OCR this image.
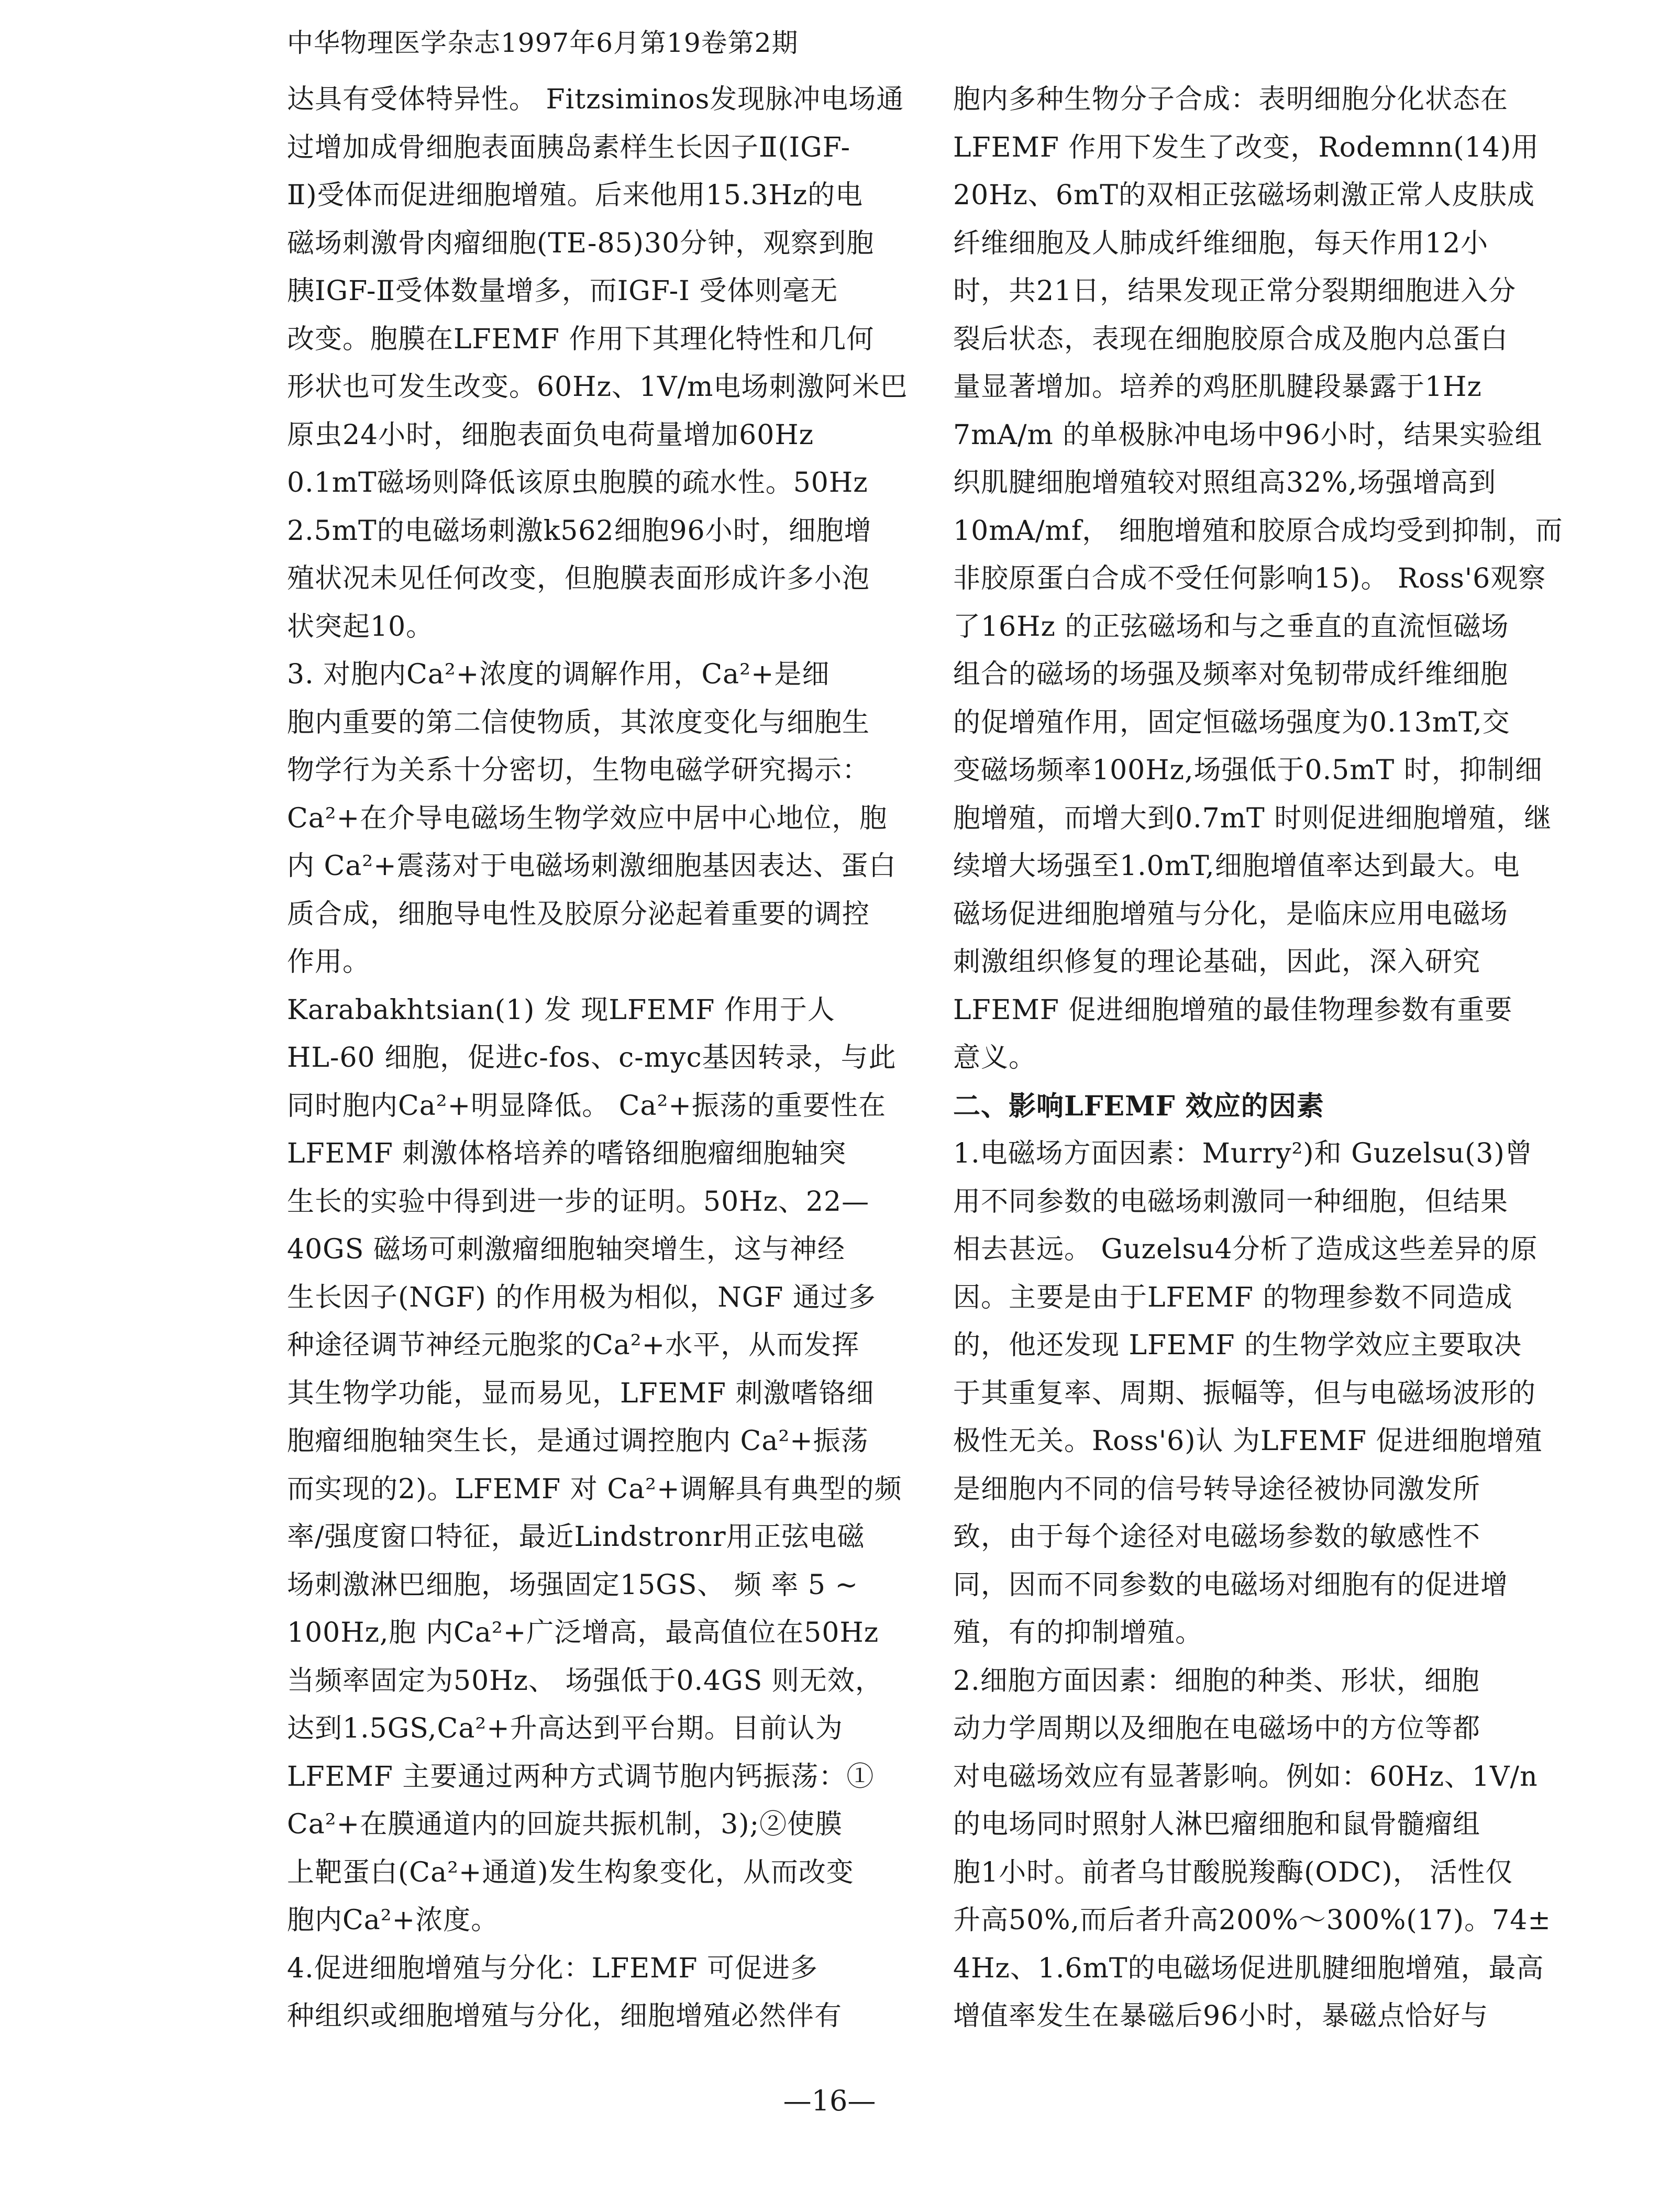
中华物理医学杂志1997年6月第19卷第2期
达具有受体特异性。 Fitzsiminos发现脉冲电场通
过增加成骨细胞表面胰岛素样生长因子Ⅱ(IGF-
Ⅱ)受体而促进细胞增殖。后来他用15.3Hz的电
磁场刺激骨肉瘤细胞(TE-85)30分钟，观察到胞
胰IGF-Ⅱ受体数量增多，而IGF-I 受体则毫无
改变。胞膜在LFEMF 作用下其理化特性和几何
形状也可发生改变。60Hz、1V/m电场刺激阿米巴
原虫24小时，细胞表面负电荷量增加60Hz
0.1mT磁场则降低该原虫胞膜的疏水性。50Hz
2.5mT的电磁场刺激k562细胞96小时，细胞增
殖状况未见任何改变，但胞膜表面形成许多小泡
状突起10。
3. 对胞内Ca²+浓度的调解作用，Ca²+是细
胞内重要的第二信使物质，其浓度变化与细胞生
物学行为关系十分密切，生物电磁学研究揭示：
Ca²+在介导电磁场生物学效应中居中心地位，胞
内 Ca²+震荡对于电磁场刺激细胞基因表达、蛋白
质合成，细胞导电性及胶原分泌起着重要的调控
作用。
Karabakhtsian(1) 发 现LFEMF 作用于人
HL-60 细胞，促进c-fos、c-myc基因转录，与此
同时胞内Ca²+明显降低。 Ca²+振荡的重要性在
LFEMF 刺激体格培养的嗜铬细胞瘤细胞轴突
生长的实验中得到进一步的证明。50Hz、22—
40GS 磁场可刺激瘤细胞轴突增生，这与神经
生长因子(NGF) 的作用极为相似，NGF 通过多
种途径调节神经元胞浆的Ca²+水平，从而发挥
其生物学功能，显而易见，LFEMF 刺激嗜铬细
胞瘤细胞轴突生长，是通过调控胞内 Ca²+振荡
而实现的2)。LFEMF 对 Ca²+调解具有典型的频
率/强度窗口特征，最近Lindstronr用正弦电磁
场刺激淋巴细胞，场强固定15GS、 频 率 5 ~
100Hz,胞 内Ca²+广泛增高，最高值位在50Hz
当频率固定为50Hz、 场强低于0.4GS 则无效，
达到1.5GS,Ca²+升高达到平台期。目前认为
LFEMF 主要通过两种方式调节胞内钙振荡：①
Ca²+在膜通道内的回旋共振机制，3);②使膜
上靶蛋白(Ca²+通道)发生构象变化，从而改变
胞内Ca²+浓度。
4.促进细胞增殖与分化：LFEMF 可促进多
种组织或细胞增殖与分化，细胞增殖必然伴有
胞内多种生物分子合成：表明细胞分化状态在
LFEMF 作用下发生了改变，Rodemnn(14)用
20Hz、6mT的双相正弦磁场刺激正常人皮肤成
纤维细胞及人肺成纤维细胞，每天作用12小
时，共21日，结果发现正常分裂期细胞进入分
裂后状态，表现在细胞胶原合成及胞内总蛋白
量显著增加。培养的鸡胚肌腱段暴露于1Hz
7mA/m 的单极脉冲电场中96小时，结果实验组
织肌腱细胞增殖较对照组高32%,场强增高到
10mA/mf， 细胞增殖和胶原合成均受到抑制，而
非胶原蛋白合成不受任何影响15)。 Ross'6观察
了16Hz 的正弦磁场和与之垂直的直流恒磁场
组合的磁场的场强及频率对兔韧带成纤维细胞
的促增殖作用，固定恒磁场强度为0.13mT,交
变磁场频率100Hz,场强低于0.5mT 时，抑制细
胞增殖，而增大到0.7mT 时则促进细胞增殖，继
续增大场强至1.0mT,细胞增值率达到最大。电
磁场促进细胞增殖与分化，是临床应用电磁场
刺激组织修复的理论基础，因此，深入研究
LFEMF 促进细胞增殖的最佳物理参数有重要
意义。
二、影响LFEMF 效应的因素
1.电磁场方面因素：Murry²)和 Guzelsu(3)曾
用不同参数的电磁场刺激同一种细胞，但结果
相去甚远。 Guzelsu4分析了造成这些差异的原
因。主要是由于LFEMF 的物理参数不同造成
的，他还发现 LFEMF 的生物学效应主要取决
于其重复率、周期、振幅等，但与电磁场波形的
极性无关。Ross'6)认 为LFEMF 促进细胞增殖
是细胞内不同的信号转导途径被协同激发所
致，由于每个途径对电磁场参数的敏感性不
同，因而不同参数的电磁场对细胞有的促进增
殖，有的抑制增殖。
2.细胞方面因素：细胞的种类、形状，细胞
动力学周期以及细胞在电磁场中的方位等都
对电磁场效应有显著影响。例如：60Hz、1V/n
的电场同时照射人淋巴瘤细胞和鼠骨髓瘤组
胞1小时。前者乌甘酸脱羧酶(ODC)， 活性仅
升高50%,而后者升高200%～300%(17)。74±
4Hz、1.6mT的电磁场促进肌腱细胞增殖，最高
增值率发生在暴磁后96小时，暴磁点恰好与
—16—
